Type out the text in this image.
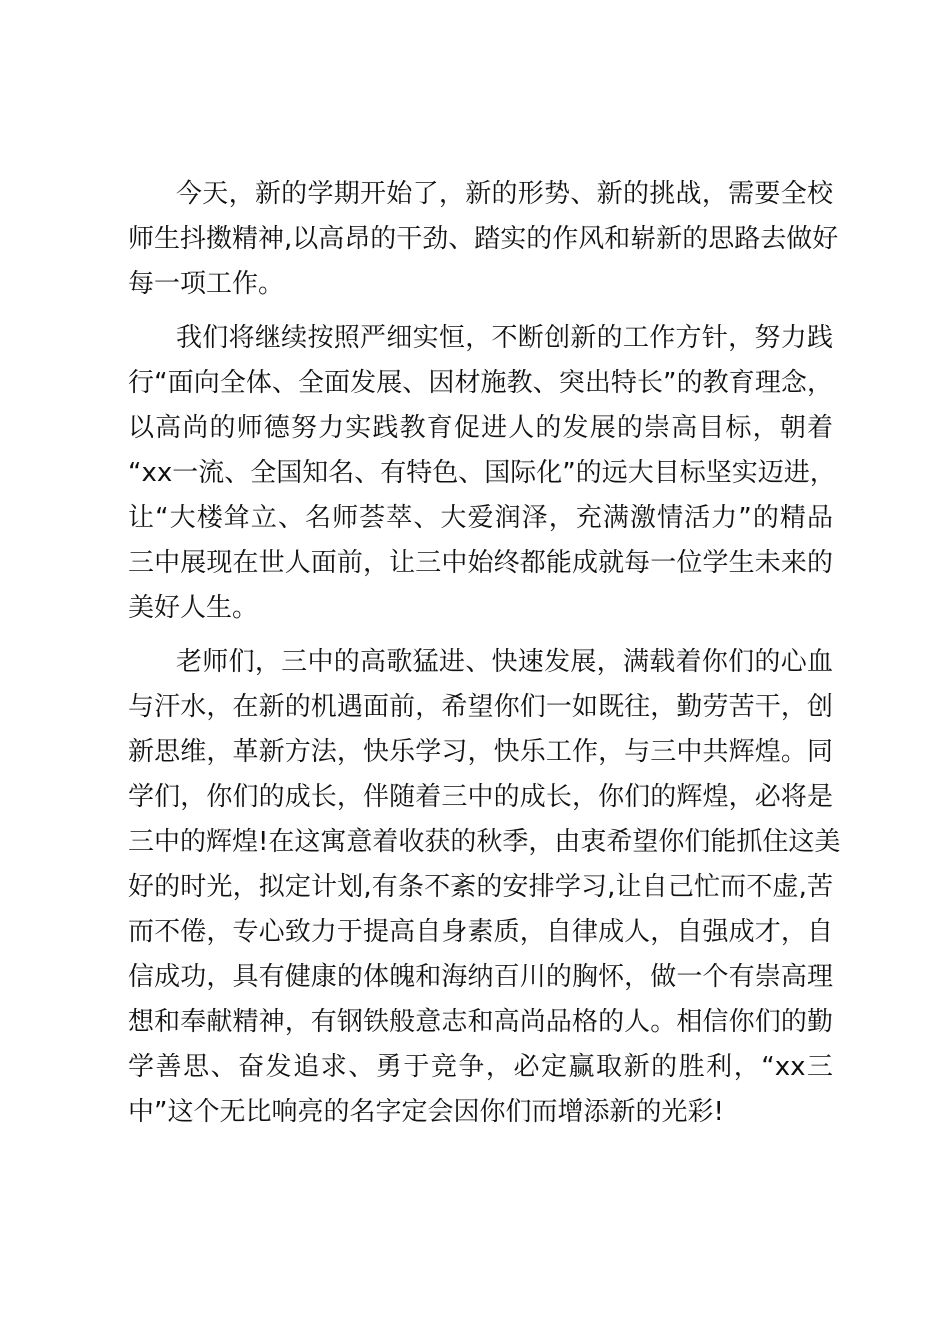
今天，新的学期开始了，新的形势、新的挑战，需要全校
师生抖擞精神,以高昂的干劲、踏实的作风和崭新的思路去做好
每一项工作。
我们将继续按照严细实恒，不断创新的工作方针，努力践
行“面向全体、全面发展、因材施教、突出特长”的教育理念，
以高尚的师德努力实践教育促进人的发展的崇高目标，朝着
“xx一流、全国知名、有特色、国际化”的远大目标坚实迈进，
让“大楼耸立、名师荟萃、大爱润泽，充满激情活力”的精品
三中展现在世人面前，让三中始终都能成就每一位学生未来的
美好人生。
老师们，三中的高歌猛进、快速发展，满载着你们的心血
与汗水，在新的机遇面前，希望你们一如既往，勤劳苦干，创
新思维，革新方法，快乐学习，快乐工作，与三中共辉煌。同
学们，你们的成长，伴随着三中的成长，你们的辉煌，必将是
三中的辉煌!在这寓意着收获的秋季，由衷希望你们能抓住这美
好的时光，拟定计划,有条不紊的安排学习,让自己忙而不虚,苦
而不倦，专心致力于提高自身素质，自律成人，自强成才，自
信成功，具有健康的体魄和海纳百川的胸怀，做一个有崇高理
想和奉献精神，有钢铁般意志和高尚品格的人。相信你们的勤
学善思、奋发追求、勇于竞争，必定赢取新的胜利，“xx三
中”这个无比响亮的名字定会因你们而增添新的光彩!
